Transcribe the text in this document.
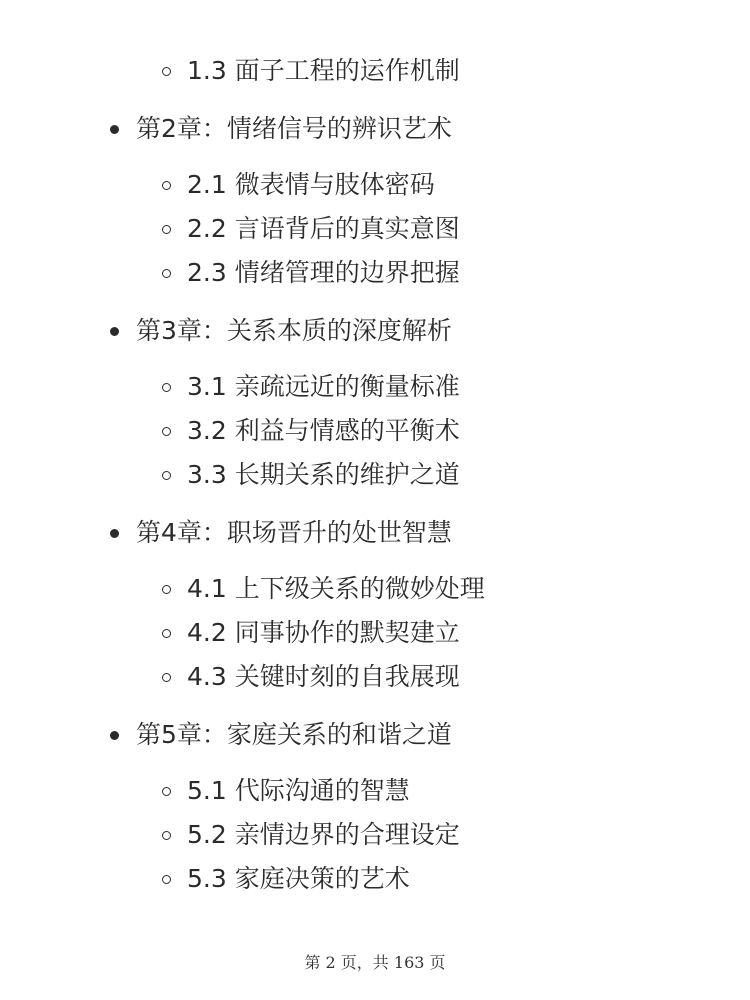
1.3 面子工程的运作机制
第2章：情绪信号的辨识艺术
2.1 微表情与肢体密码
2.2 言语背后的真实意图
2.3 情绪管理的边界把握
第3章：关系本质的深度解析
3.1 亲疏远近的衡量标准
3.2 利益与情感的平衡术
3.3 长期关系的维护之道
第4章：职场晋升的处世智慧
4.1 上下级关系的微妙处理
4.2 同事协作的默契建立
4.3 关键时刻的自我展现
第5章：家庭关系的和谐之道
5.1 代际沟通的智慧
5.2 亲情边界的合理设定
5.3 家庭决策的艺术
第 2 页，共 163 页
